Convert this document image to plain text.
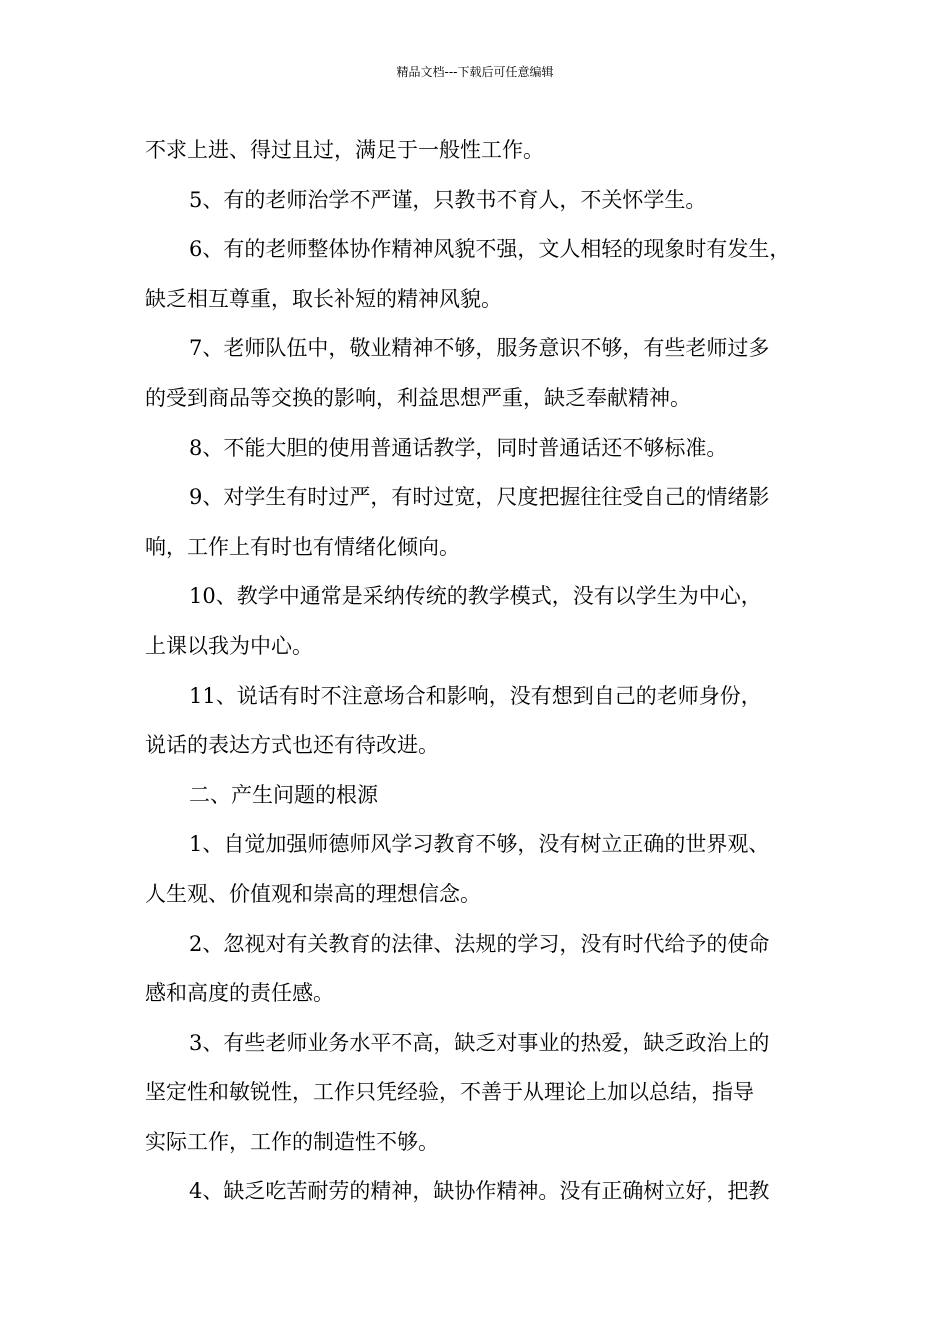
精品文档---下载后可任意编辑
不求上进、得过且过，满足于一般性工作。
5、有的老师治学不严谨，只教书不育人，不关怀学生。
6、有的老师整体协作精神风貌不强，文人相轻的现象时有发生，
缺乏相互尊重，取长补短的精神风貌。
7、老师队伍中，敬业精神不够，服务意识不够，有些老师过多
的受到商品等交换的影响，利益思想严重，缺乏奉献精神。
8、不能大胆的使用普通话教学，同时普通话还不够标准。
9、对学生有时过严，有时过宽，尺度把握往往受自己的情绪影
响，工作上有时也有情绪化倾向。
10、教学中通常是采纳传统的教学模式，没有以学生为中心，
上课以我为中心。
11、说话有时不注意场合和影响，没有想到自己的老师身份，
说话的表达方式也还有待改进。
二、产生问题的根源
1、自觉加强师德师风学习教育不够，没有树立正确的世界观、
人生观、价值观和崇高的理想信念。
2、忽视对有关教育的法律、法规的学习，没有时代给予的使命
感和高度的责任感。
3、有些老师业务水平不高，缺乏对事业的热爱，缺乏政治上的
坚定性和敏锐性，工作只凭经验，不善于从理论上加以总结，指导
实际工作，工作的制造性不够。
4、缺乏吃苦耐劳的精神，缺协作精神。没有正确树立好，把教
